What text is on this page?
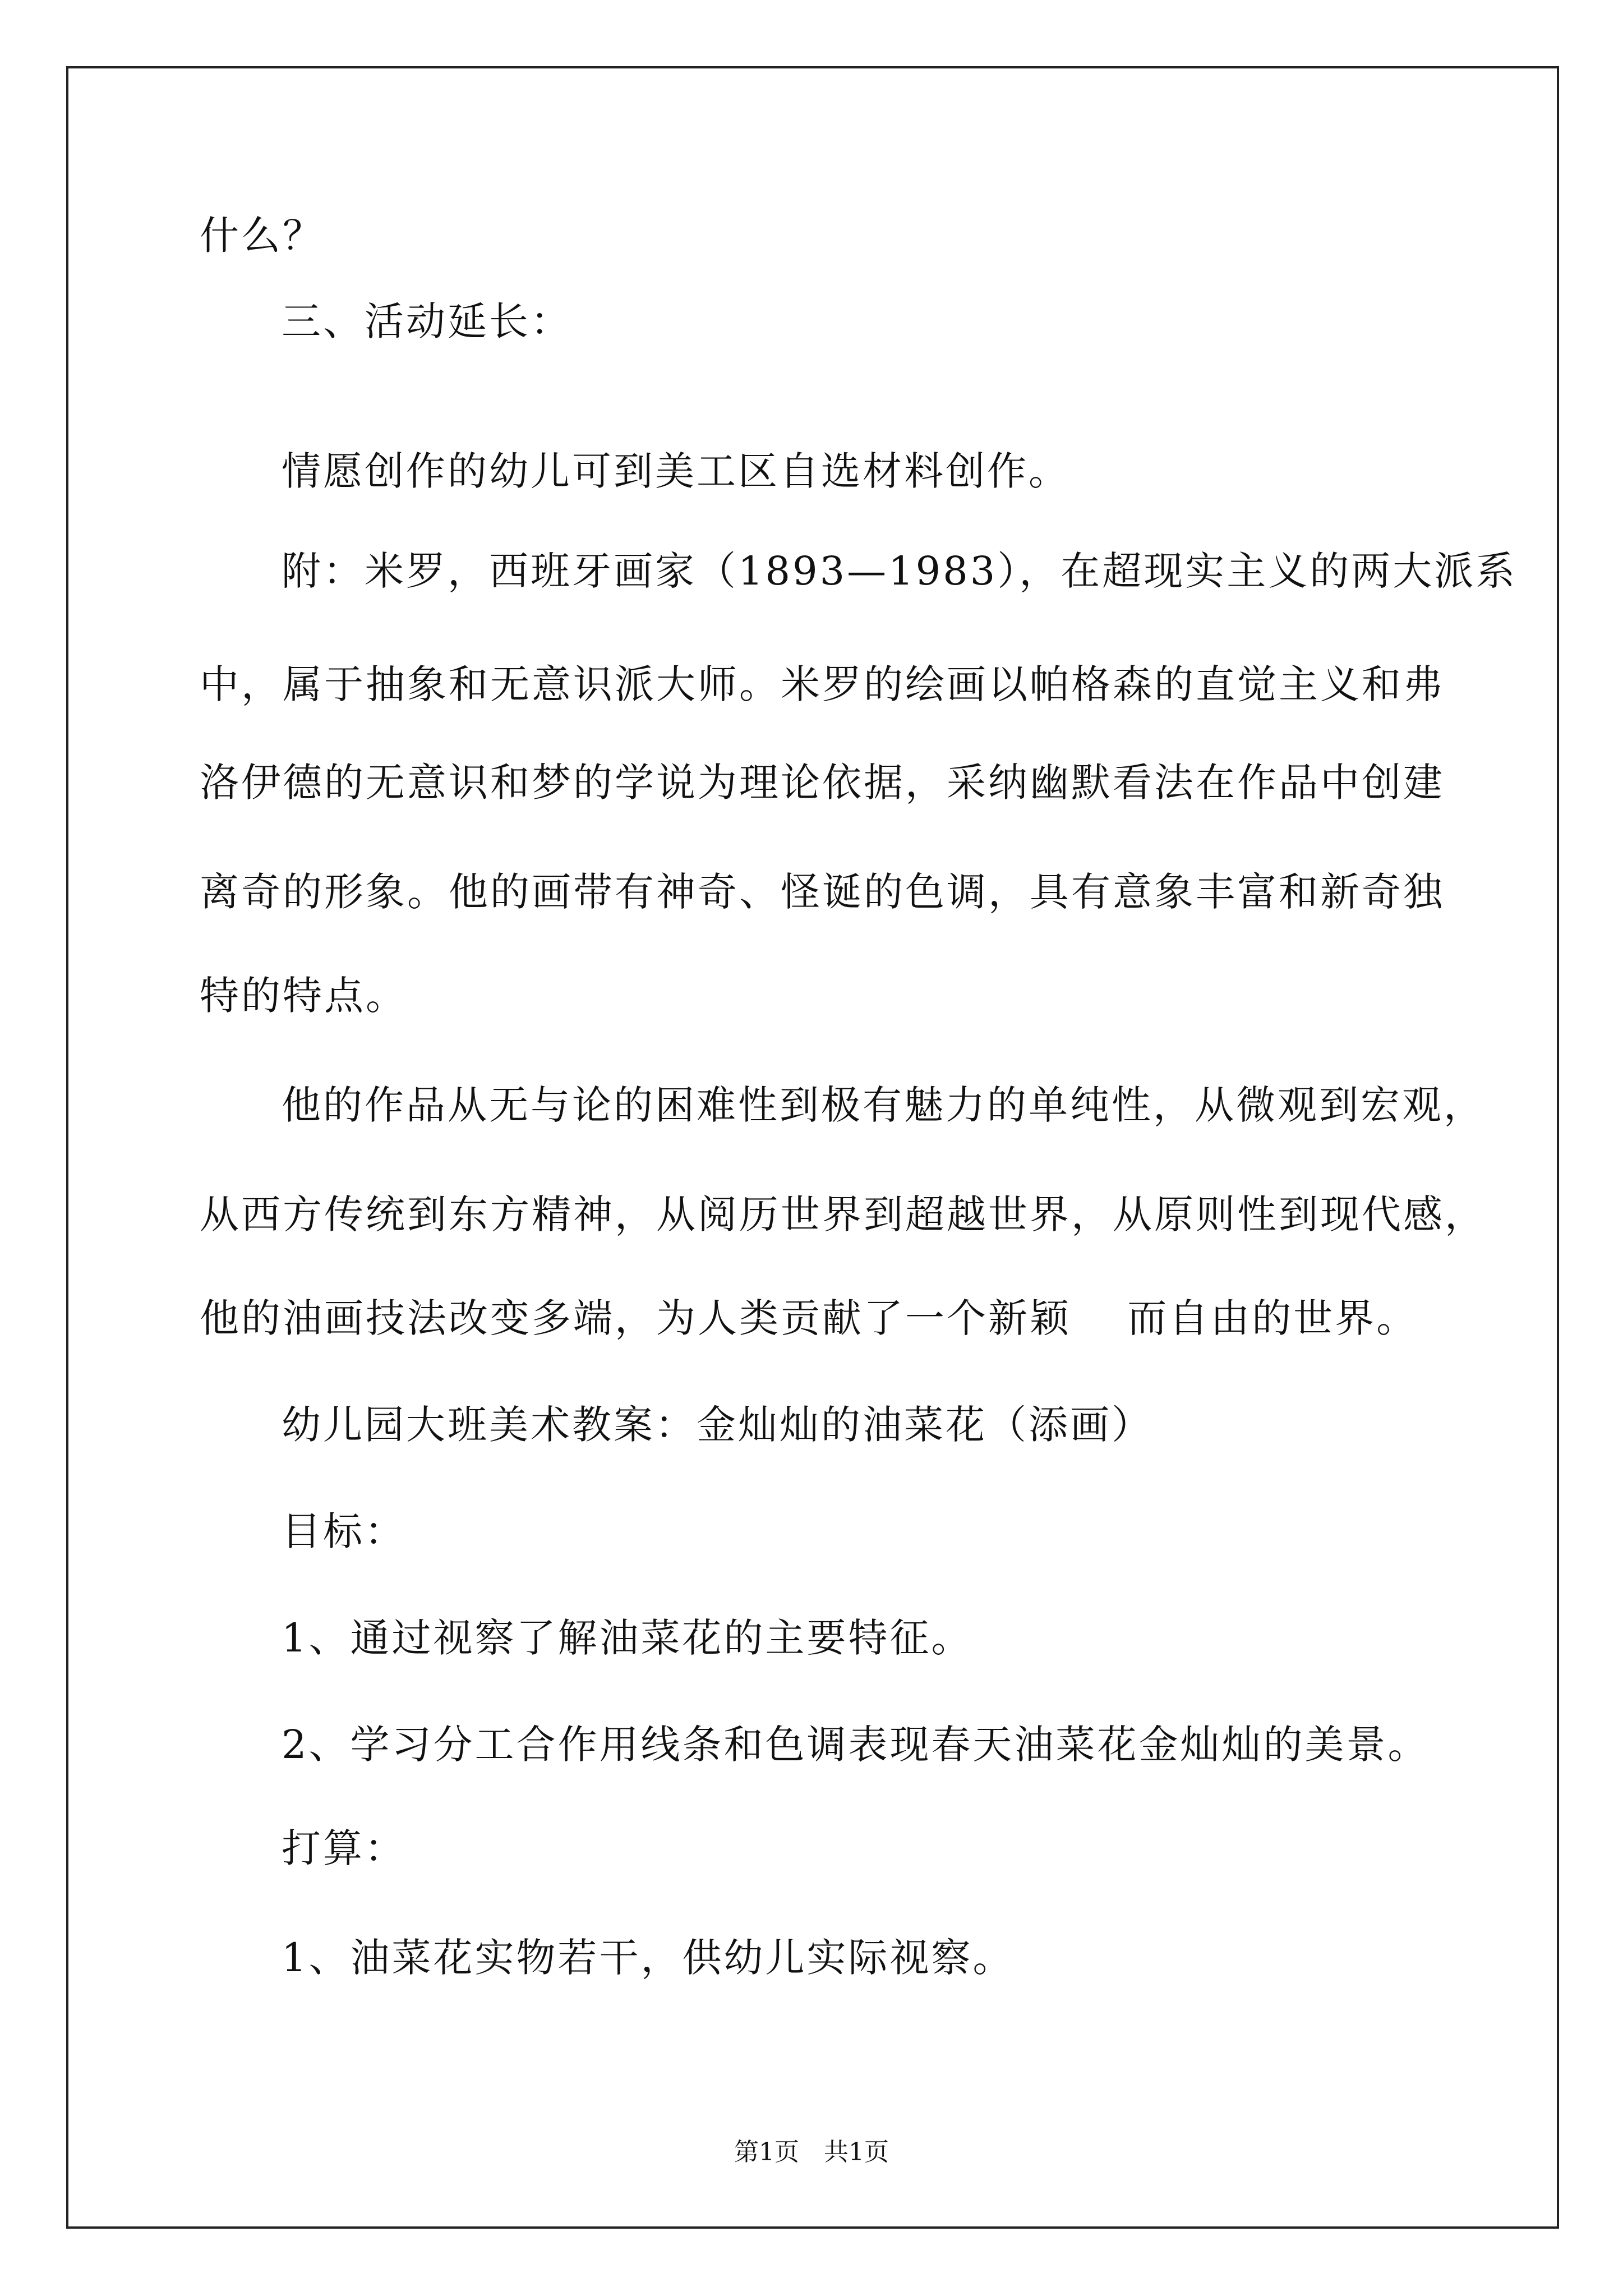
什么？
三、活动延长：
情愿创作的幼儿可到美工区自选材料创作。
附：米罗，西班牙画家（1893—1983），在超现实主义的两大派系
中，属于抽象和无意识派大师。米罗的绘画以帕格森的直觉主义和弗
洛伊德的无意识和梦的学说为理论依据，采纳幽默看法在作品中创建
离奇的形象。他的画带有神奇、怪诞的色调，具有意象丰富和新奇独
特的特点。
他的作品从无与论的困难性到极有魅力的单纯性，从微观到宏观，
从西方传统到东方精神，从阅历世界到超越世界，从原则性到现代感，
他的油画技法改变多端，为人类贡献了一个新颖　 而自由的世界。
幼儿园大班美术教案：金灿灿的油菜花（添画）
目标：
1、通过视察了解油菜花的主要特征。
2、学习分工合作用线条和色调表现春天油菜花金灿灿的美景。
打算：
1、油菜花实物若干，供幼儿实际视察。
第1页　共1页
